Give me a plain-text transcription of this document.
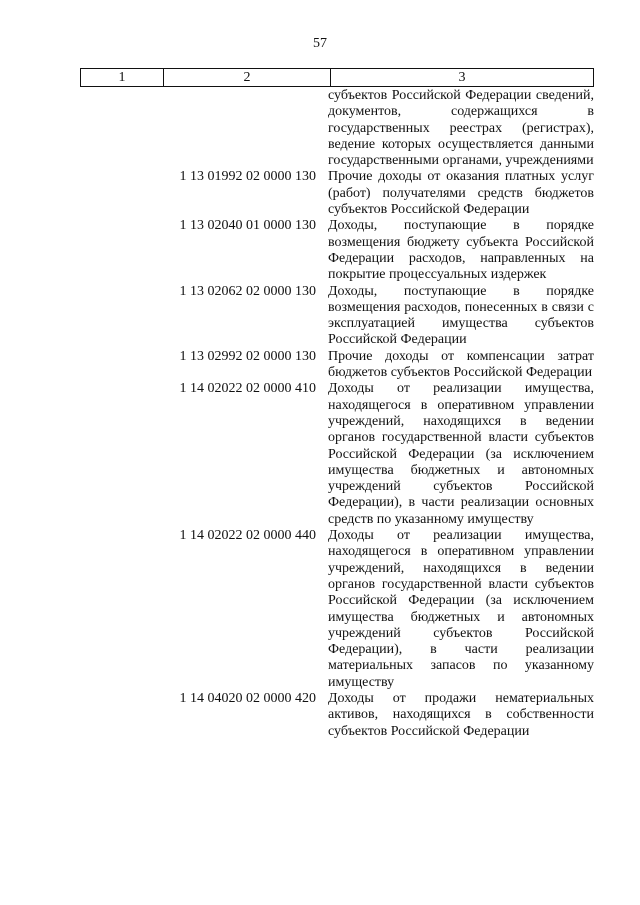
57
1	2	3
субъектов Российской Федерации сведений, документов, содержащихся в государственных реестрах (регистрах), ведение которых осуществляется данными государственными органами, учреждениями
1 13 01992 02 0000 130 Прочие доходы от оказания платных услуг (работ) получателями средств бюджетов субъектов Российской Федерации
1 13 02040 01 0000 130 Доходы, поступающие в порядке возмещения бюджету субъекта Российской Федерации расходов, направленных на покрытие процессуальных издержек
1 13 02062 02 0000 130 Доходы, поступающие в порядке возмещения расходов, понесенных в связи с эксплуатацией имущества субъектов Российской Федерации
1 13 02992 02 0000 130 Прочие доходы от компенсации затрат бюджетов субъектов Российской Федерации
1 14 02022 02 0000 410 Доходы от реализации имущества, находящегося в оперативном управлении учреждений, находящихся в ведении органов государственной власти субъектов Российской Федерации (за исключением имущества бюджетных и автономных учреждений субъектов Российской Федерации), в части реализации основных средств по указанному имуществу
1 14 02022 02 0000 440 Доходы от реализации имущества, находящегося в оперативном управлении учреждений, находящихся в ведении органов государственной власти субъектов Российской Федерации (за исключением имущества бюджетных и автономных учреждений субъектов Российской Федерации), в части реализации материальных запасов по указанному имуществу
1 14 04020 02 0000 420 Доходы от продажи нематериальных активов, находящихся в собственности субъектов Российской Федерации
